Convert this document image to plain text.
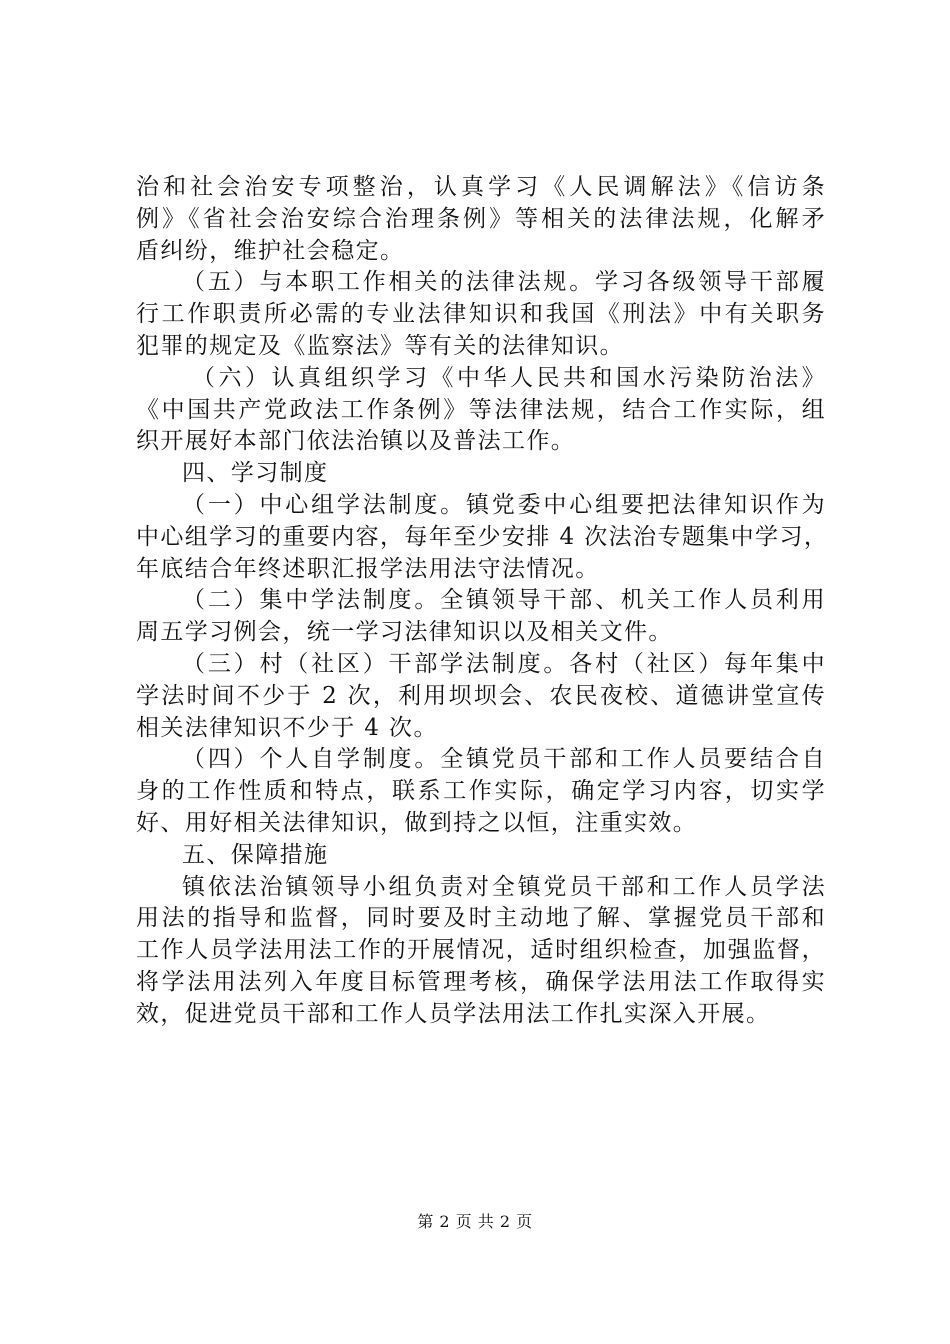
治和社会治安专项整治，认真学习《人民调解法》《信访条
例》《省社会治安综合治理条例》等相关的法律法规，化解矛
盾纠纷，维护社会稳定。
（五）与本职工作相关的法律法规。学习各级领导干部履
行工作职责所必需的专业法律知识和我国《刑法》中有关职务
犯罪的规定及《监察法》等有关的法律知识。
（六）认真组织学习《中华人民共和国水污染防治法》
《中国共产党政法工作条例》等法律法规，结合工作实际，组
织开展好本部门依法治镇以及普法工作。
四、学习制度
（一）中心组学法制度。镇党委中心组要把法律知识作为
中心组学习的重要内容，每年至少安排 4 次法治专题集中学习，
年底结合年终述职汇报学法用法守法情况。
（二）集中学法制度。全镇领导干部、机关工作人员利用
周五学习例会，统一学习法律知识以及相关文件。
（三）村（社区）干部学法制度。各村（社区）每年集中
学法时间不少于 2 次，利用坝坝会、农民夜校、道德讲堂宣传
相关法律知识不少于 4 次。
（四）个人自学制度。全镇党员干部和工作人员要结合自
身的工作性质和特点，联系工作实际，确定学习内容，切实学
好、用好相关法律知识，做到持之以恒，注重实效。
五、保障措施
镇依法治镇领导小组负责对全镇党员干部和工作人员学法
用法的指导和监督，同时要及时主动地了解、掌握党员干部和
工作人员学法用法工作的开展情况，适时组织检查，加强监督，
将学法用法列入年度目标管理考核，确保学法用法工作取得实
效，促进党员干部和工作人员学法用法工作扎实深入开展。
第 2 页 共 2 页
